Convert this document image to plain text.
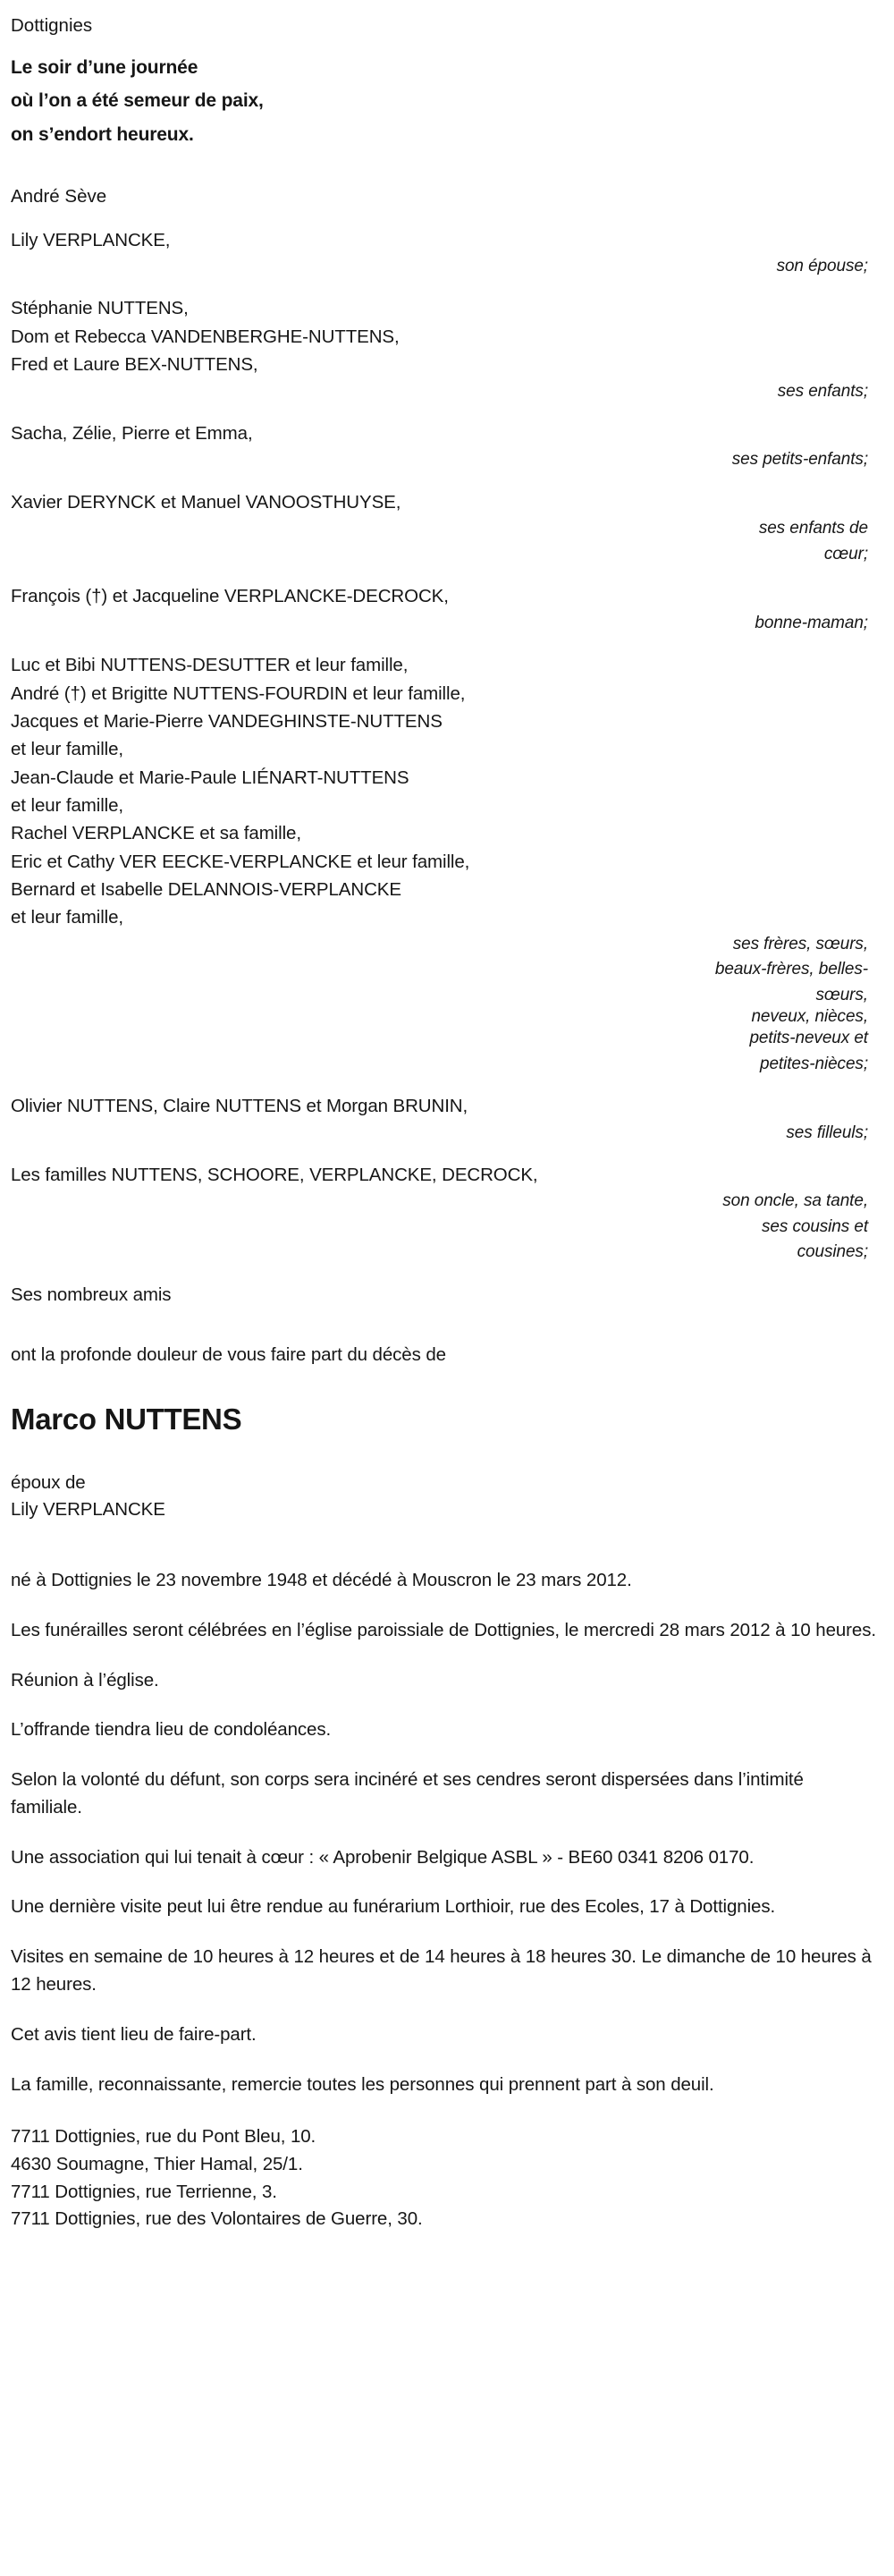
Dottignies
Le soir d’une journée
où l’on a été semeur de paix,
on s’endort heureux.
André Sève
Lily VERPLANCKE,
son épouse;
Stéphanie NUTTENS,
Dom et Rebecca VANDENBERGHE-NUTTENS,
Fred et Laure BEX-NUTTENS,
ses enfants;
Sacha, Zélie, Pierre et Emma,
ses petits-enfants;
Xavier DERYNCK et Manuel VANOOSTHUYSE,
ses enfants de
cœur;
François (†) et Jacqueline VERPLANCKE-DECROCK,
bonne-maman;
Luc et Bibi NUTTENS-DESUTTER et leur famille,
André (†) et Brigitte NUTTENS-FOURDIN et leur famille,
Jacques et Marie-Pierre VANDEGHINSTE-NUTTENS
et leur famille,
Jean-Claude et Marie-Paule LIÉNART-NUTTENS
et leur famille,
Rachel VERPLANCKE et sa famille,
Eric et Cathy VER EECKE-VERPLANCKE et leur famille,
Bernard et Isabelle DELANNOIS-VERPLANCKE
et leur famille,
ses frères, sœurs,
beaux-frères, belles-
sœurs,
neveux, nièces,
petits-neveux et
petites-nièces;
Olivier NUTTENS, Claire NUTTENS et Morgan BRUNIN,
ses filleuls;
Les familles NUTTENS, SCHOORE, VERPLANCKE, DECROCK,
son oncle, sa tante,
ses cousins et
cousines;
Ses nombreux amis
ont la profonde douleur de vous faire part du décès de
Marco NUTTENS
époux de
Lily VERPLANCKE

né à Dottignies le 23 novembre 1948 et décédé à Mouscron le 23 mars 2012.

Les funérailles seront célébrées en l’église paroissiale de Dottignies, le mercredi 28 mars 2012 à 10 heures.

Réunion à l’église.

L’offrande tiendra lieu de condoléances.

Selon la volonté du défunt, son corps sera incinéré et ses cendres seront dispersées dans l’intimité familiale.

Une association qui lui tenait à cœur : « Aprobenir Belgique ASBL » - BE60 0341 8206 0170.

Une dernière visite peut lui être rendue au funérarium Lorthioir, rue des Ecoles, 17 à Dottignies.

Visites en semaine de 10 heures à 12 heures et de 14 heures à 18 heures 30. Le dimanche de 10 heures à 12 heures.

Cet avis tient lieu de faire-part.

La famille, reconnaissante, remercie toutes les personnes qui prennent part à son deuil.

7711 Dottignies, rue du Pont Bleu, 10.
4630 Soumagne, Thier Hamal, 25/1.
7711 Dottignies, rue Terrienne, 3.
7711 Dottignies, rue des Volontaires de Guerre, 30.
